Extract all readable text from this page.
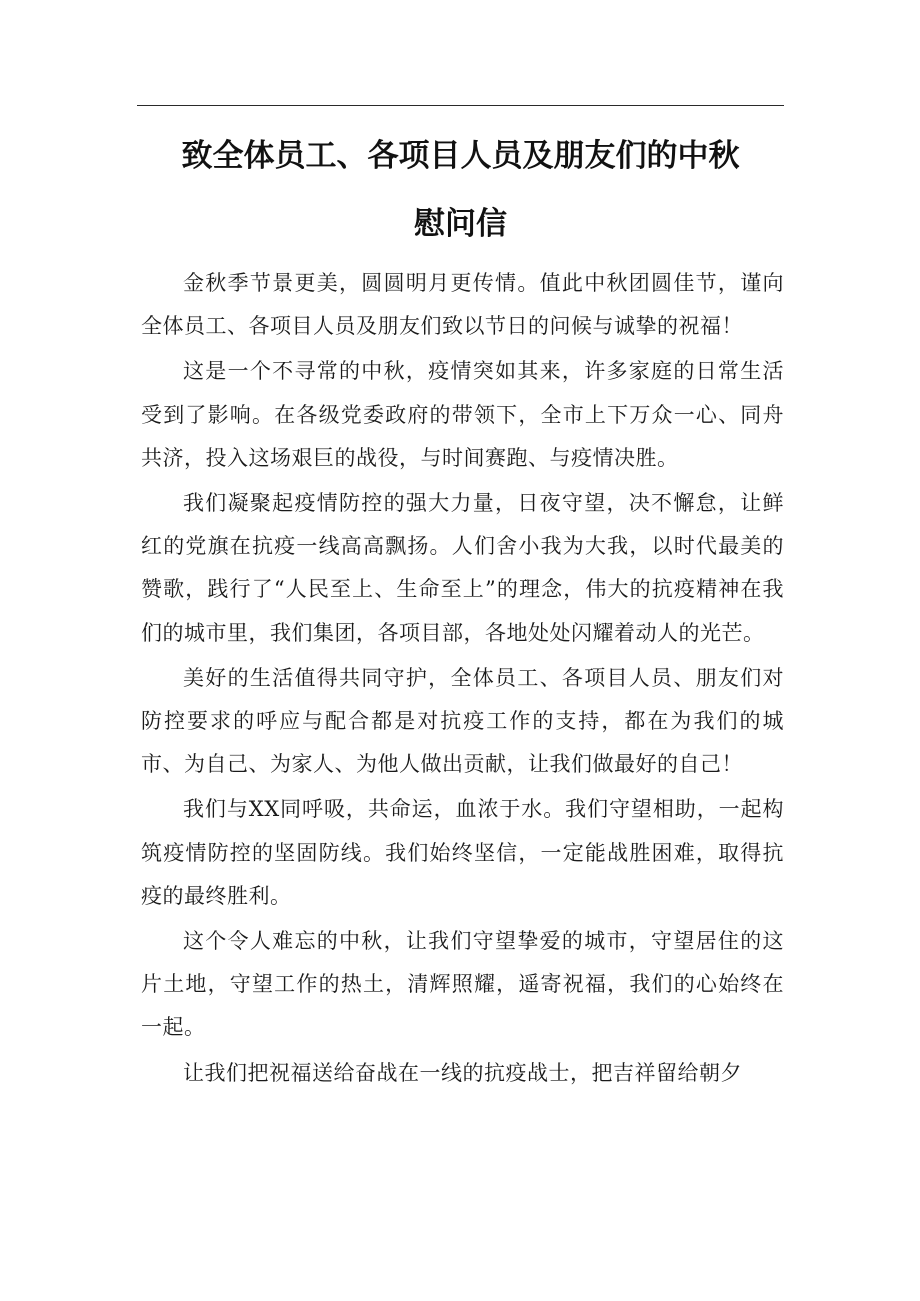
致全体员工、各项目人员及朋友们的中秋
慰问信

金秋季节景更美，圆圆明月更传情。值此中秋团圆佳节，谨向全体员工、各项目人员及朋友们致以节日的问候与诚挚的祝福！

这是一个不寻常的中秋，疫情突如其来，许多家庭的日常生活受到了影响。在各级党委政府的带领下，全市上下万众一心、同舟共济，投入这场艰巨的战役，与时间赛跑、与疫情决胜。

我们凝聚起疫情防控的强大力量，日夜守望，决不懈怠，让鲜红的党旗在抗疫一线高高飘扬。人们舍小我为大我，以时代最美的赞歌，践行了“人民至上、生命至上”的理念，伟大的抗疫精神在我们的城市里，我们集团，各项目部，各地处处闪耀着动人的光芒。

美好的生活值得共同守护，全体员工、各项目人员、朋友们对防控要求的呼应与配合都是对抗疫工作的支持，都在为我们的城市、为自己、为家人、为他人做出贡献，让我们做最好的自己！

我们与XX同呼吸，共命运，血浓于水。我们守望相助，一起构筑疫情防控的坚固防线。我们始终坚信，一定能战胜困难，取得抗疫的最终胜利。

这个令人难忘的中秋，让我们守望挚爱的城市，守望居住的这片土地，守望工作的热土，清辉照耀，遥寄祝福，我们的心始终在一起。

让我们把祝福送给奋战在一线的抗疫战士，把吉祥留给朝夕
